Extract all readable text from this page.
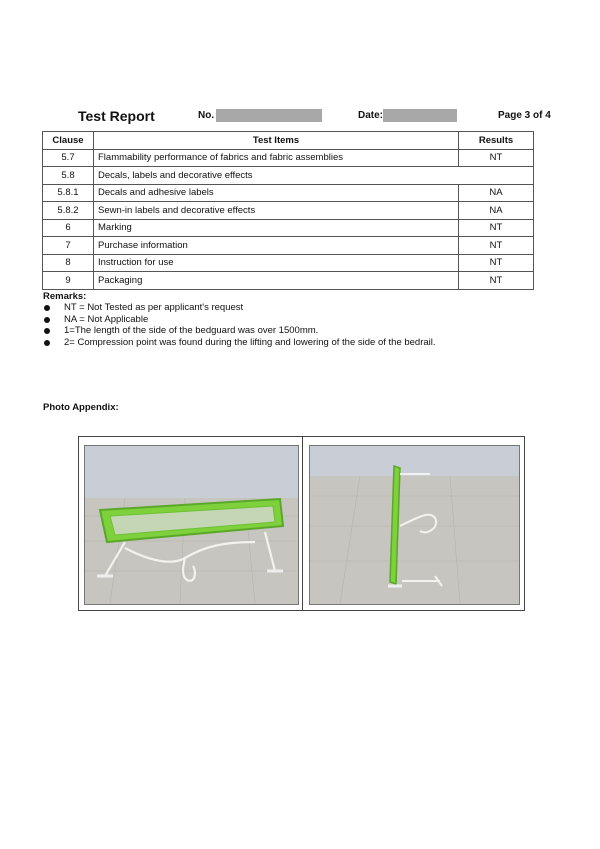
Test Report	No.	Date:	Page 3 of 4
Clause	Test Items	Results
5.7	Flammability performance of fabrics and fabric assemblies	NT
5.8	Decals, labels and decorative effects	
5.8.1	Decals and adhesive labels	NA
5.8.2	Sewn-in labels and decorative effects	NA
6	Marking	NT
7	Purchase information	NT
8	Instruction for use	NT
9	Packaging	NT
Remarks:
NT = Not Tested as per applicant's request
NA = Not Applicable
1=The length of the side of the bedguard was over 1500mm.
2= Compression point was found during the lifting and lowering of the side of the bedrail.
Photo Appendix:
